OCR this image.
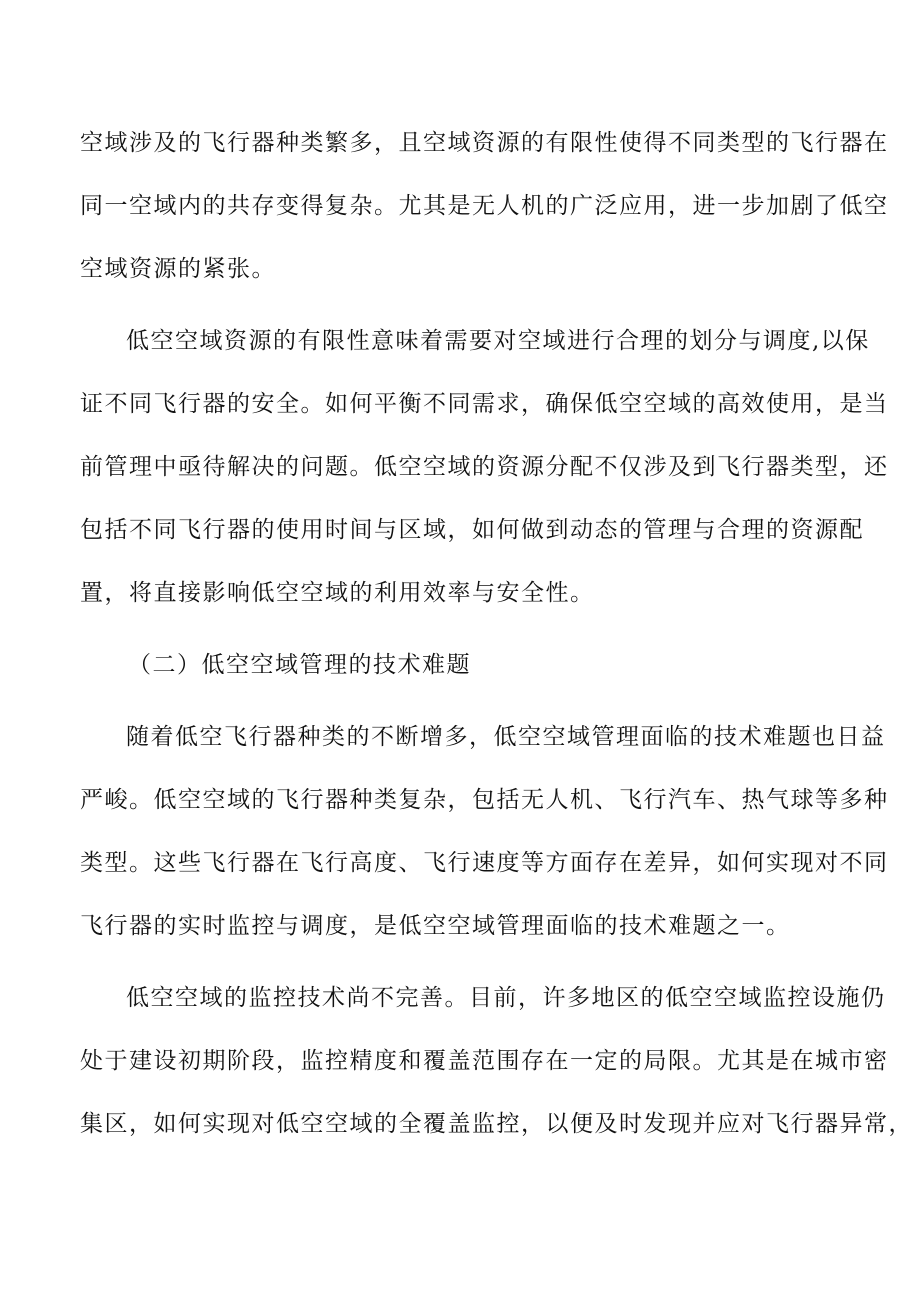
空域涉及的飞行器种类繁多，且空域资源的有限性使得不同类型的飞行器在
同一空域内的共存变得复杂。尤其是无人机的广泛应用，进一步加剧了低空
空域资源的紧张。
低空空域资源的有限性意味着需要对空域进行合理的划分与调度,以保
证不同飞行器的安全。如何平衡不同需求，确保低空空域的高效使用，是当
前管理中亟待解决的问题。低空空域的资源分配不仅涉及到飞行器类型，还
包括不同飞行器的使用时间与区域，如何做到动态的管理与合理的资源配
置，将直接影响低空空域的利用效率与安全性。
（二）低空空域管理的技术难题
随着低空飞行器种类的不断增多，低空空域管理面临的技术难题也日益
严峻。低空空域的飞行器种类复杂，包括无人机、飞行汽车、热气球等多种
类型。这些飞行器在飞行高度、飞行速度等方面存在差异，如何实现对不同
飞行器的实时监控与调度，是低空空域管理面临的技术难题之一。
低空空域的监控技术尚不完善。目前，许多地区的低空空域监控设施仍
处于建设初期阶段，监控精度和覆盖范围存在一定的局限。尤其是在城市密
集区，如何实现对低空空域的全覆盖监控，以便及时发现并应对飞行器异常，
